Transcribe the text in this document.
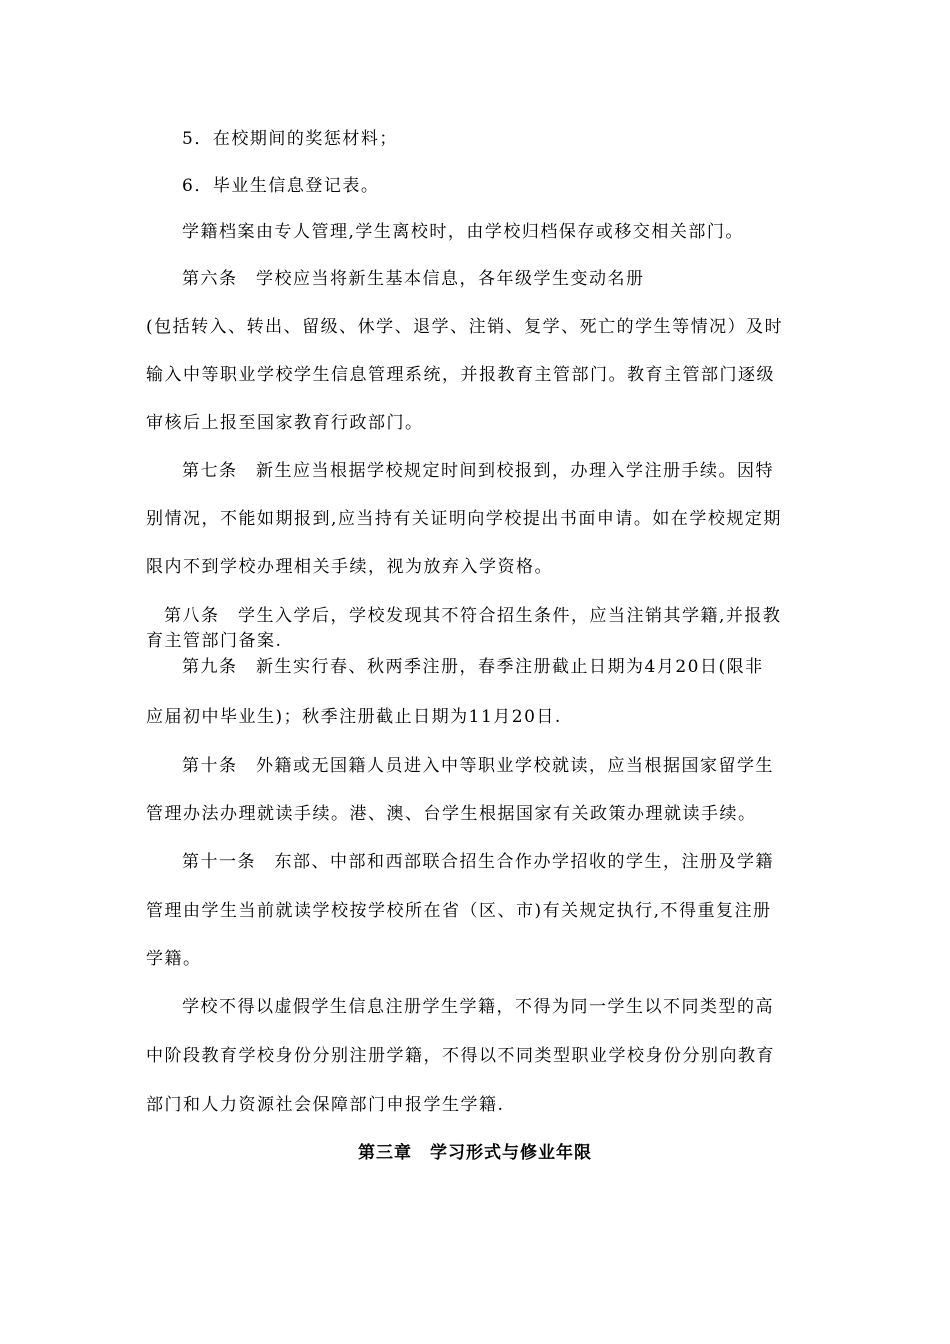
5．在校期间的奖惩材料；
6．毕业生信息登记表。
学籍档案由专人管理,学生离校时，由学校归档保存或移交相关部门。
第六条　学校应当将新生基本信息，各年级学生变动名册
(包括转入、转出、留级、休学、退学、注销、复学、死亡的学生等情况）及时
输入中等职业学校学生信息管理系统，并报教育主管部门。教育主管部门逐级
审核后上报至国家教育行政部门。
第七条　新生应当根据学校规定时间到校报到，办理入学注册手续。因特
别情况，不能如期报到,应当持有关证明向学校提出书面申请。如在学校规定期
限内不到学校办理相关手续，视为放弃入学资格。
第八条　学生入学后，学校发现其不符合招生条件，应当注销其学籍,并报教
育主管部门备案.
第九条　新生实行春、秋两季注册，春季注册截止日期为4月20日(限非
应届初中毕业生)；秋季注册截止日期为11月20日.
第十条　外籍或无国籍人员进入中等职业学校就读，应当根据国家留学生
管理办法办理就读手续。港、澳、台学生根据国家有关政策办理就读手续。
第十一条　东部、中部和西部联合招生合作办学招收的学生，注册及学籍
管理由学生当前就读学校按学校所在省（区、市)有关规定执行,不得重复注册
学籍。
学校不得以虚假学生信息注册学生学籍，不得为同一学生以不同类型的高
中阶段教育学校身份分别注册学籍，不得以不同类型职业学校身份分别向教育
部门和人力资源社会保障部门申报学生学籍.
第三章　学习形式与修业年限
